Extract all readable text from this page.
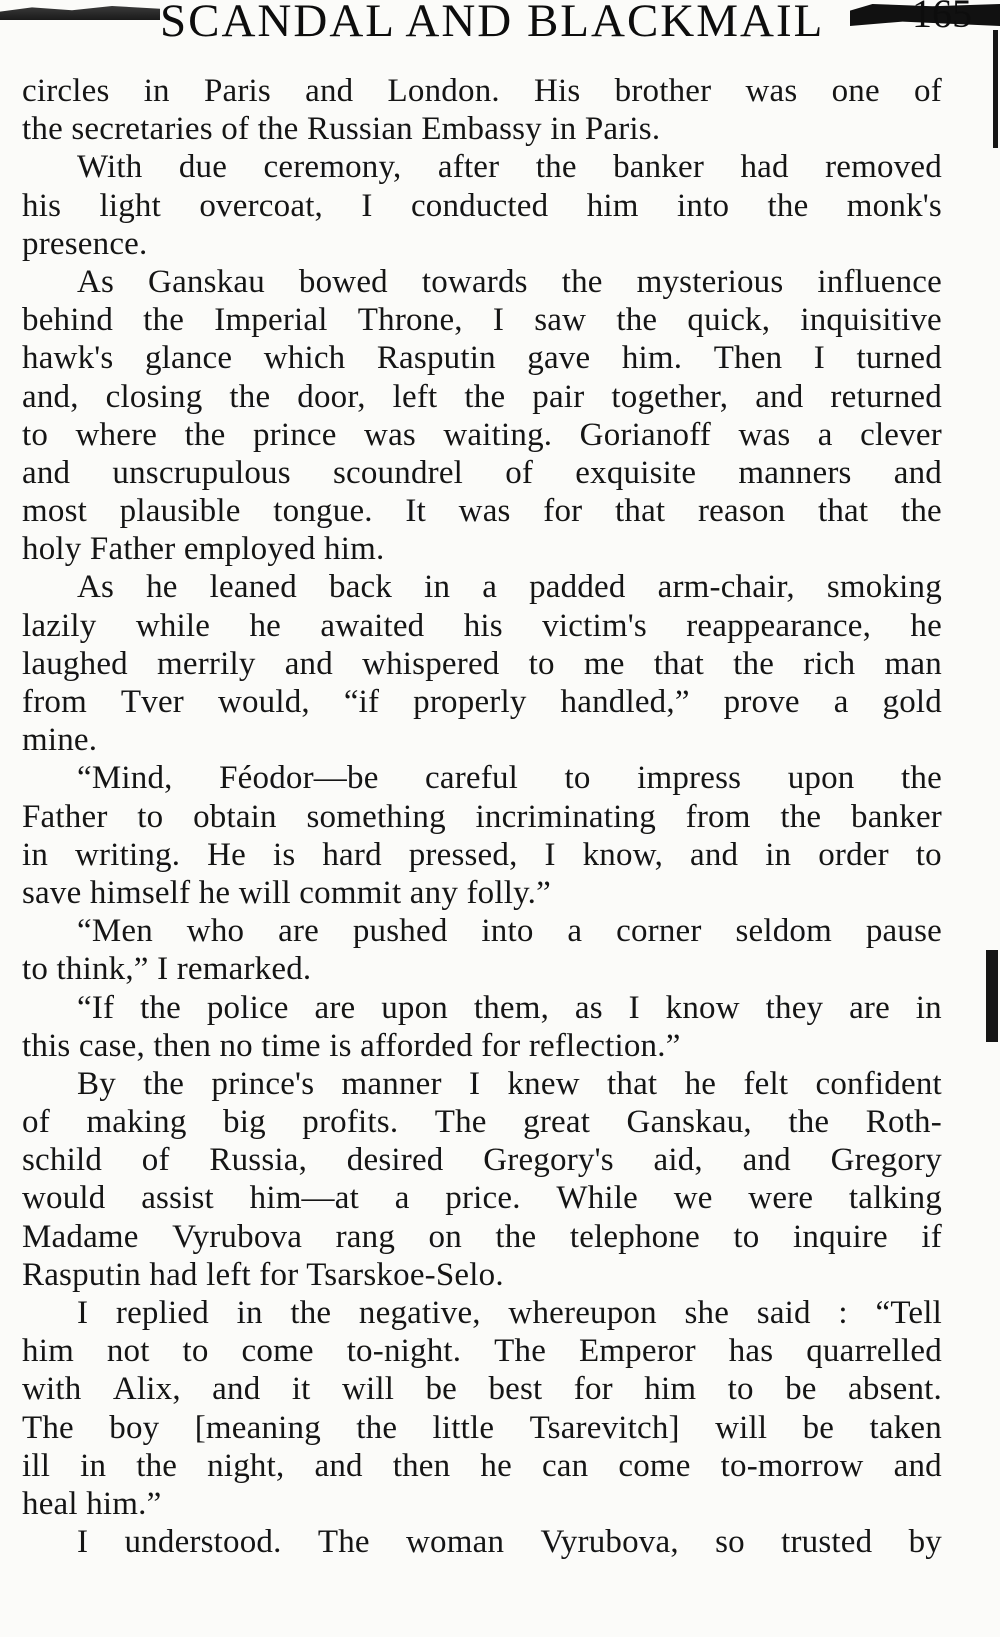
SCANDAL AND BLACKMAIL 165
circles in Paris and London. His brother was one of
the secretaries of the Russian Embassy in Paris.
With due ceremony, after the banker had removed
his light overcoat, I conducted him into the monk's
presence.
As Ganskau bowed towards the mysterious influence
behind the Imperial Throne, I saw the quick, inquisitive
hawk's glance which Rasputin gave him. Then I turned
and, closing the door, left the pair together, and returned
to where the prince was waiting. Gorianoff was a clever
and unscrupulous scoundrel of exquisite manners and
most plausible tongue. It was for that reason that the
holy Father employed him.
As he leaned back in a padded arm-chair, smoking
lazily while he awaited his victim's reappearance, he
laughed merrily and whispered to me that the rich man
from Tver would, “if properly handled,” prove a gold
mine.
“Mind, Féodor—be careful to impress upon the
Father to obtain something incriminating from the banker
in writing. He is hard pressed, I know, and in order to
save himself he will commit any folly.”
“Men who are pushed into a corner seldom pause
to think,” I remarked.
“If the police are upon them, as I know they are in
this case, then no time is afforded for reflection.”
By the prince's manner I knew that he felt confident
of making big profits. The great Ganskau, the Roth-
schild of Russia, desired Gregory's aid, and Gregory
would assist him—at a price. While we were talking
Madame Vyrubova rang on the telephone to inquire if
Rasputin had left for Tsarskoe-Selo.
I replied in the negative, whereupon she said : “Tell
him not to come to-night. The Emperor has quarrelled
with Alix, and it will be best for him to be absent.
The boy [meaning the little Tsarevitch] will be taken
ill in the night, and then he can come to-morrow and
heal him.”
I understood. The woman Vyrubova, so trusted by
